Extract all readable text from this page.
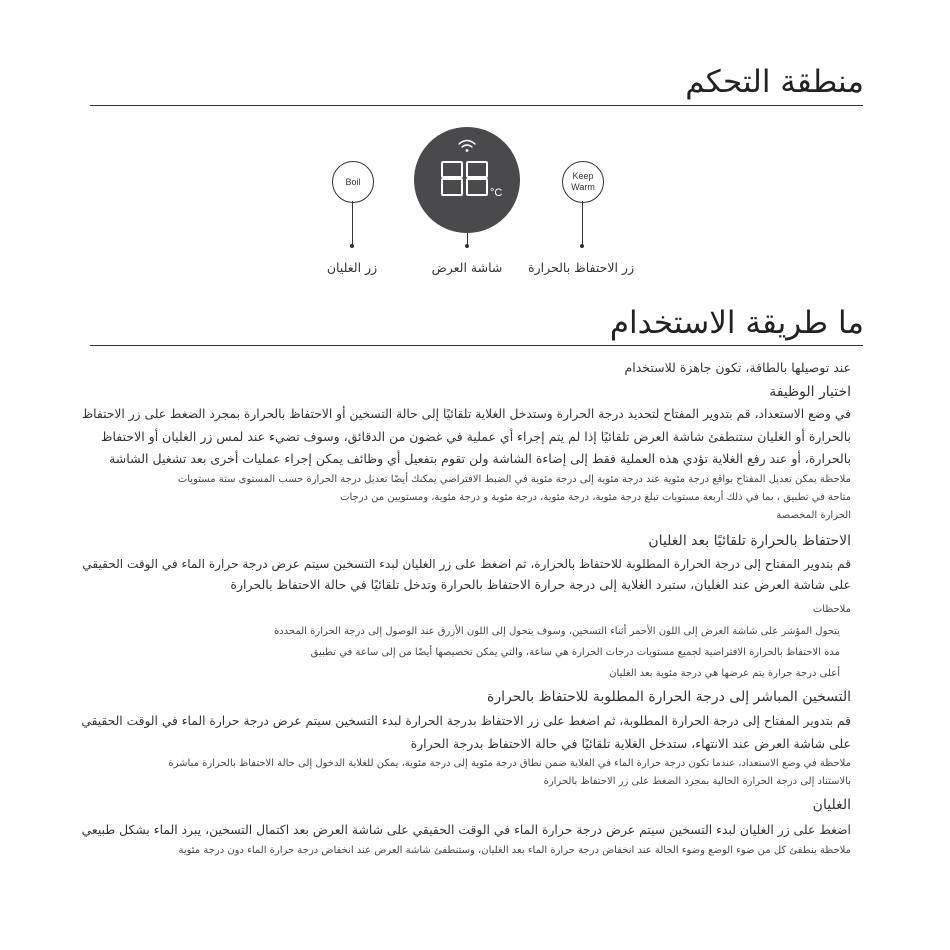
منطقة التحكم
Boil
زر الغليان
°C
شاشة العرض
Keep
Warm
زر الاحتفاظ بالحرارة
ما طريقة الاستخدام
عند توصيلها بالطاقة، تكون جاهزة للاستخدام
اختيار الوظيفة
في وضع الاستعداد، قم بتدوير المفتاح لتحديد درجة الحرارة وستدخل الغلاية تلقائيًا إلى حالة التسخين أو الاحتفاظ بالحرارة بمجرد الضغط على زر الاحتفاظ
بالحرارة أو الغليان ستنطفئ شاشة العرض تلقائيًا إذا لم يتم إجراء أي عملية في غضون من الدقائق، وسوف تضيء عند لمس زر الغليان أو الاحتفاظ
بالحرارة، أو عند رفع الغلاية تؤدي هذه العملية فقط إلى إضاءة الشاشة ولن تقوم بتفعيل أي وظائف يمكن إجراء عمليات أخرى بعد تشغيل الشاشة
ملاحظة يمكن تعديل المفتاح بواقع درجة مئوية عند درجة مئوية إلى درجة مئوية في الضبط الافتراضي يمكنك أيضًا تعديل درجة الحرارة حسب المستوى ستة مستويات
متاحة في تطبيق ، بما في ذلك أربعة مستويات تبلغ درجة مئوية، درجة مئوية، درجة مئوية و درجة مئوية، ومستويين من درجات
الحرارة المخصصة
الاحتفاظ بالحرارة تلقائيًا بعد الغليان
قم بتدوير المفتاح إلى درجة الحرارة المطلوبة للاحتفاظ بالحرارة، ثم اضغط على زر الغليان لبدء التسخين سيتم عرض درجة حرارة الماء في الوقت الحقيقي
على شاشة العرض عند الغليان، ستبرد الغلاية إلى درجة حرارة الاحتفاظ بالحرارة وتدخل تلقائيًا في حالة الاحتفاظ بالحرارة
ملاحظات
يتحول المؤشر على شاشة العرض إلى اللون الأحمر أثناء التسخين، وسوف يتحول إلى اللون الأزرق عند الوصول إلى درجة الحرارة المحددة
مدة الاحتفاظ بالحرارة الافتراضية لجميع مستويات درجات الحرارة هي ساعة، والتي يمكن تخصيصها أيضًا من إلى ساعة في تطبيق
أعلى درجة حرارة يتم عرضها هي درجة مئوية بعد الغليان
التسخين المباشر إلى درجة الحرارة المطلوبة للاحتفاظ بالحرارة
قم بتدوير المفتاح إلى درجة الحرارة المطلوبة، ثم اضغط على زر الاحتفاظ بدرجة الحرارة لبدء التسخين سيتم عرض درجة حرارة الماء في الوقت الحقيقي
على شاشة العرض عند الانتهاء، ستدخل الغلاية تلقائيًا في حالة الاحتفاظ بدرجة الحرارة
ملاحظة في وضع الاستعداد، عندما تكون درجة حرارة الماء في الغلاية ضمن نطاق درجة مئوية إلى درجة مئوية، يمكن للغلاية الدخول إلى حالة الاحتفاظ بالحرارة مباشرة
بالاستناد إلى درجة الحرارة الحالية بمجرد الضغط على زر الاحتفاظ بالحرارة
الغليان
اضغط على زر الغليان لبدء التسخين سيتم عرض درجة حرارة الماء في الوقت الحقيقي على شاشة العرض بعد اكتمال التسخين، يبرد الماء بشكل طبيعي
ملاحظة ينطفئ كل من ضوء الوضع وضوء الحالة عند انخفاض درجة حرارة الماء بعد الغليان، وستنطفئ شاشة العرض عند انخفاض درجة حرارة الماء دون درجة مئوية
